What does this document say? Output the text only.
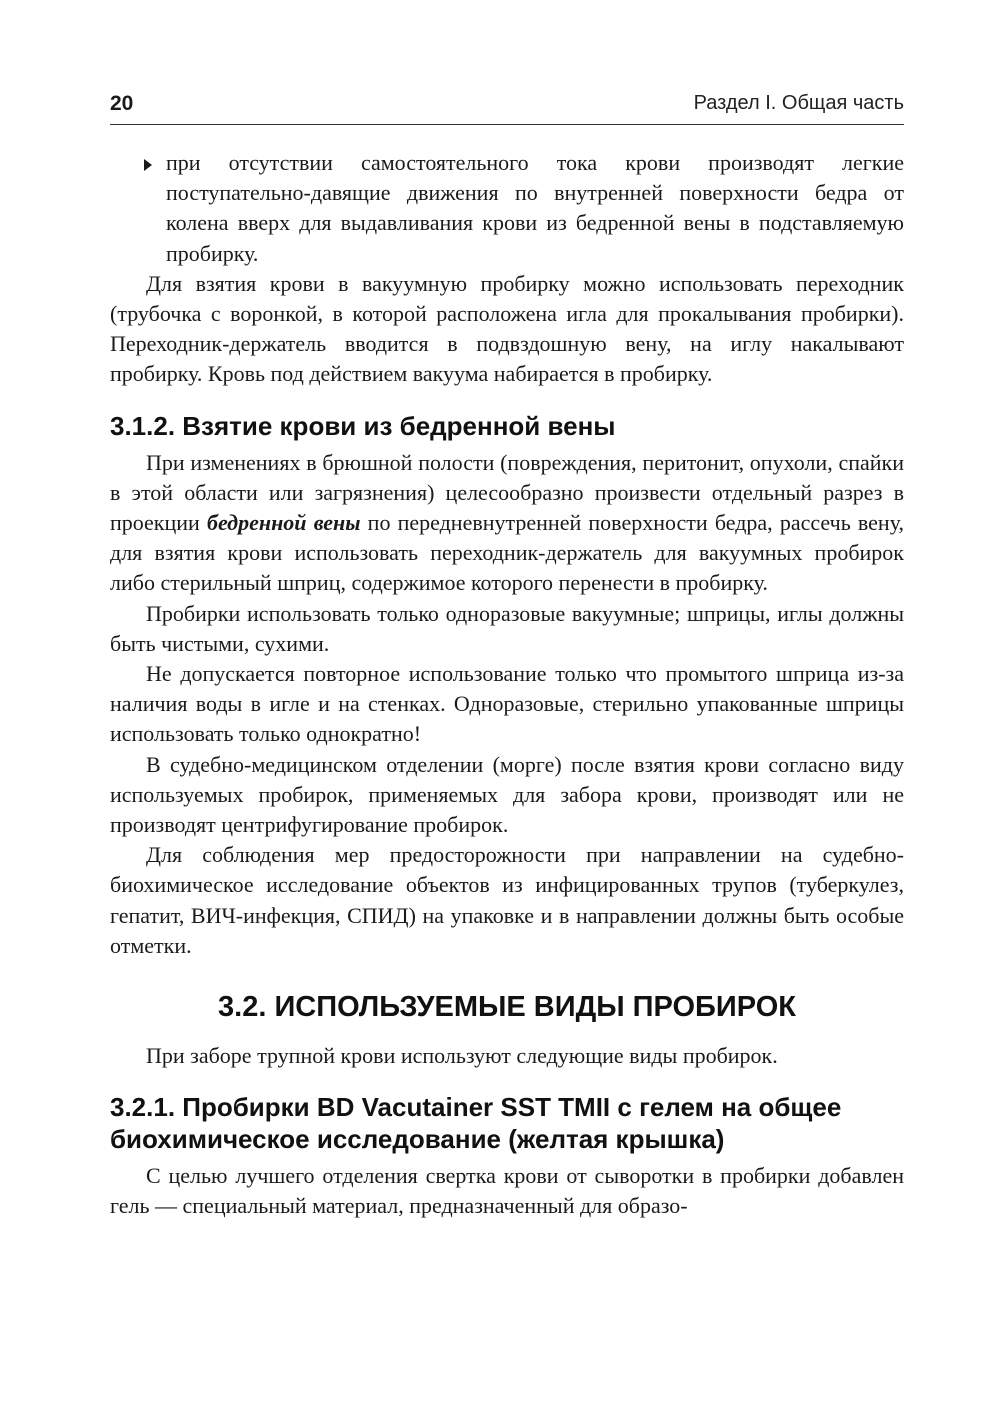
20	Раздел I. Общая часть

при отсутствии самостоятельного тока крови производят легкие поступательно-давящие движения по внутренней поверхности бедра от колена вверх для выдавливания крови из бедренной вены в подставляемую пробирку.

Для взятия крови в вакуумную пробирку можно использовать переходник (трубочка с воронкой, в которой расположена игла для прокалывания пробирки). Переходник-держатель вводится в подвздошную вену, на иглу накалывают пробирку. Кровь под действием вакуума набирается в пробирку.

3.1.2. Взятие крови из бедренной вены

При изменениях в брюшной полости (повреждения, перитонит, опухоли, спайки в этой области или загрязнения) целесообразно произвести отдельный разрез в проекции бедренной вены по передневнутренней поверхности бедра, рассечь вену, для взятия крови использовать переходник-держатель для вакуумных пробирок либо стерильный шприц, содержимое которого перенести в пробирку.

Пробирки использовать только одноразовые вакуумные; шприцы, иглы должны быть чистыми, сухими.

Не допускается повторное использование только что промытого шприца из-за наличия воды в игле и на стенках. Одноразовые, стерильно упакованные шприцы использовать только однократно!

В судебно-медицинском отделении (морге) после взятия крови согласно виду используемых пробирок, применяемых для забора крови, производят или не производят центрифугирование пробирок.

Для соблюдения мер предосторожности при направлении на судебно-биохимическое исследование объектов из инфицированных трупов (туберкулез, гепатит, ВИЧ-инфекция, СПИД) на упаковке и в направлении должны быть особые отметки.

3.2. ИСПОЛЬЗУЕМЫЕ ВИДЫ ПРОБИРОК

При заборе трупной крови используют следующие виды пробирок.

3.2.1. Пробирки BD Vacutainer SST TMII с гелем на общее биохимическое исследование (желтая крышка)

С целью лучшего отделения свертка крови от сыворотки в пробирки добавлен гель — специальный материал, предназначенный для образо-
